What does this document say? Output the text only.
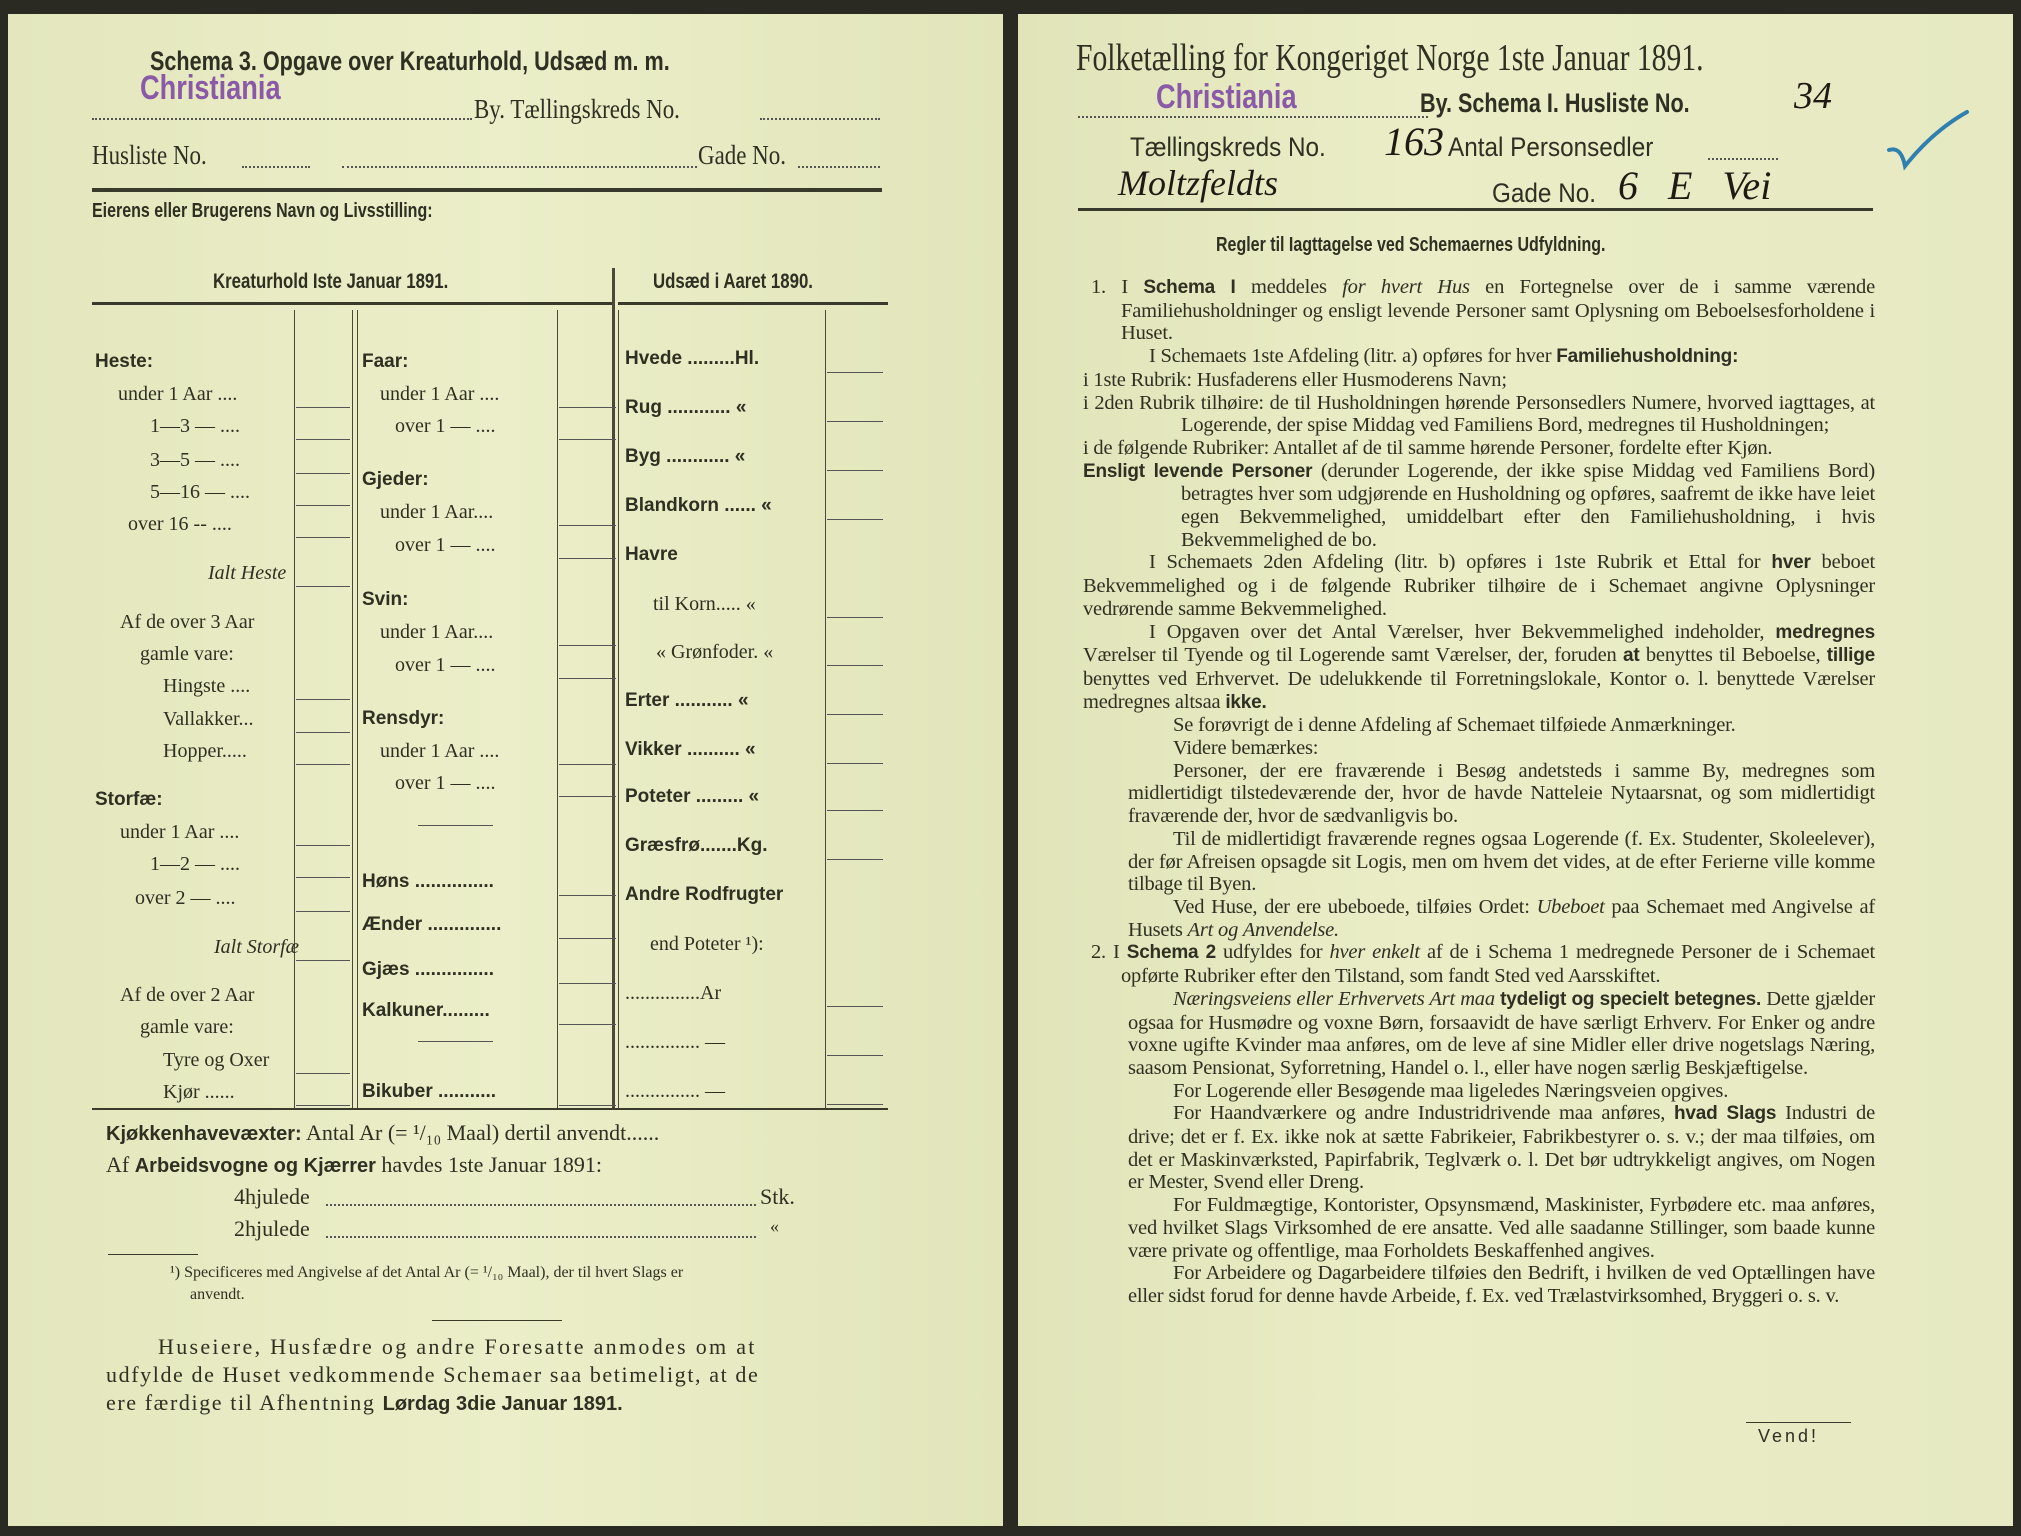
Schema 3. Opgave over Kreaturhold, Udsæd m. m.
Christiania
By. Tællingskreds No.
Husliste No.	Gade No.
Eierens eller Brugerens Navn og Livsstilling:
Kreaturhold Iste Januar 1891.	Udsæd i Aaret 1890.
Heste:
under 1 Aar ....
1—3 — ....
3—5 — ....
5—16 — ....
over 16 -- ....
Ialt Heste
Af de over 3 Aar
gamle vare:
Hingste ....
Vallakker...
Hopper.....
Storfæ:
under 1 Aar ....
1—2 — ....
over 2 — ....
Ialt Storfæ
Af de over 2 Aar
gamle vare:
Tyre og Oxer
Kjør ......
Faar:
under 1 Aar ....
over 1 — ....
Gjeder:
under 1 Aar....
over 1 — ....
Svin:
under 1 Aar....
over 1 — ....
Rensdyr:
under 1 Aar ....
over 1 — ....
Høns ...............
Ænder ..............
Gjæs ...............
Kalkuner.........
Bikuber ...........
Hvede .........Hl.
Rug ............ «
Byg ............ «
Blandkorn ...... «
Havre
til Korn..... «
« Grønfoder. «
Erter ........... «
Vikker .......... «
Poteter ......... «
Græsfrø.......Kg.
Andre Rodfrugter
end Poteter ¹):
...............Ar
............... —
............... —
Kjøkkenhavevæxter: Antal Ar (= ¹/₁₀ Maal) dertil anvendt......
Af Arbeidsvogne og Kjærrer havdes 1ste Januar 1891:
4hjulede	Stk.
2hjulede	«
¹) Specificeres med Angivelse af det Antal Ar (= ¹/₁₀ Maal), der til hvert Slags er
anvendt.
Huseiere, Husfædre og andre Foresatte anmodes om at
udfylde de Huset vedkommende Schemaer saa betimeligt, at de
ere færdige til Afhentning Lørdag 3die Januar 1891.
Folketælling for Kongeriget Norge 1ste Januar 1891.
Christiania	By. Schema I. Husliste No.	34
Tællingskreds No.	163 Antal Personsedler
Moltzfeldts	Gade No. 6 E Vei
Regler til Iagttagelse ved Schemaernes Udfyldning.

1. I Schema I meddeles for hvert Hus en Fortegnelse over de i samme værende Familiehusholdninger og ensligt levende Personer samt Oplysning om Beboelsesforholdene i Huset.

I Schemaets 1ste Afdeling (litr. a) opføres for hver Familiehusholdning:

i 1ste Rubrik: Husfaderens eller Husmoderens Navn;

i 2den Rubrik tilhøire: de til Husholdningen hørende Personsedlers Numere, hvorved iagttages, at Logerende, der spise Middag ved Familiens Bord, medregnes til Husholdningen;

i de følgende Rubriker: Antallet af de til samme hørende Personer, fordelte efter Kjøn.

Ensligt levende Personer (derunder Logerende, der ikke spise Middag ved Familiens Bord) betragtes hver som udgjørende en Husholdning og opføres, saafremt de ikke have leiet egen Bekvemmelighed, umiddelbart efter den Familiehusholdning, i hvis Bekvemmelighed de bo.

I Schemaets 2den Afdeling (litr. b) opføres i 1ste Rubrik et Ettal for hver beboet Bekvemmelighed og i de følgende Rubriker tilhøire de i Schemaet angivne Oplysninger vedrørende samme Bekvemmelighed.

I Opgaven over det Antal Værelser, hver Bekvemmelighed indeholder, medregnes Værelser til Tyende og til Logerende samt Værelser, der, foruden at benyttes til Beboelse, tillige benyttes ved Erhvervet. De udelukkende til Forretningslokale, Kontor o. l. benyttede Værelser medregnes altsaa ikke.

Se forøvrigt de i denne Afdeling af Schemaet tilføiede Anmærkninger.

Videre bemærkes:

Personer, der ere fraværende i Besøg andetsteds i samme By, medregnes som midlertidigt tilstedeværende der, hvor de havde Natteleie Nytaarsnat, og som midlertidigt fraværende der, hvor de sædvanligvis bo.

Til de midlertidigt fraværende regnes ogsaa Logerende (f. Ex. Studenter, Skoleelever), der før Afreisen opsagde sit Logis, men om hvem det vides, at de efter Ferierne ville komme tilbage til Byen.

Ved Huse, der ere ubeboede, tilføies Ordet: Ubeboet paa Schemaet med Angivelse af Husets Art og Anvendelse.

2. I Schema 2 udfyldes for hver enkelt af de i Schema 1 medregnede Personer de i Schemaet opførte Rubriker efter den Tilstand, som fandt Sted ved Aarsskiftet.

Næringsveiens eller Erhvervets Art maa tydeligt og specielt betegnes. Dette gjælder ogsaa for Husmødre og voxne Børn, forsaavidt de have særligt Erhverv. For Enker og andre voxne ugifte Kvinder maa anføres, om de leve af sine Midler eller drive nogetslags Næring, saasom Pensionat, Syforretning, Handel o. l., eller have nogen særlig Beskjæftigelse.

For Logerende eller Besøgende maa ligeledes Næringsveien opgives.

For Haandværkere og andre Industridrivende maa anføres, hvad Slags Industri de drive; det er f. Ex. ikke nok at sætte Fabrikeier, Fabrikbestyrer o. s. v.; der maa tilføies, om det er Maskinværksted, Papirfabrik, Teglværk o. l. Det bør udtrykkeligt angives, om Nogen er Mester, Svend eller Dreng.

For Fuldmægtige, Kontorister, Opsynsmænd, Maskinister, Fyrbødere etc. maa anføres, ved hvilket Slags Virksomhed de ere ansatte. Ved alle saadanne Stillinger, som baade kunne være private og offentlige, maa Forholdets Beskaffenhed angives.

For Arbeidere og Dagarbeidere tilføies den Bedrift, i hvilken de ved Optællingen have eller sidst forud for denne havde Arbeide, f. Ex. ved Trælastvirksomhed, Bryggeri o. s. v.

Vend!
